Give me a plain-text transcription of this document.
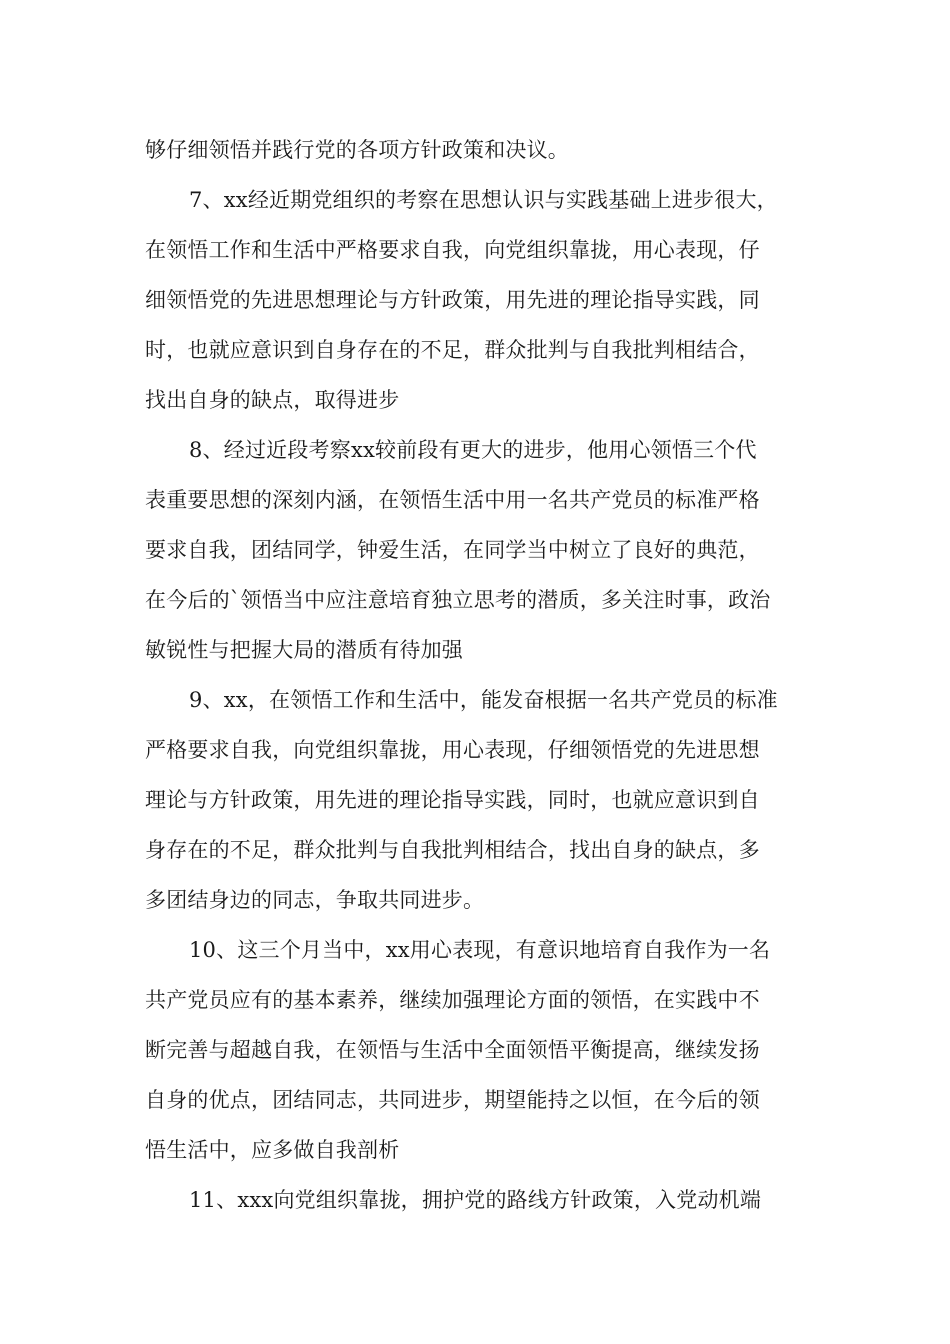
够仔细领悟并践行党的各项方针政策和决议。
7、xx经近期党组织的考察在思想认识与实践基础上进步很大，
在领悟工作和生活中严格要求自我，向党组织靠拢，用心表现，仔
细领悟党的先进思想理论与方针政策，用先进的理论指导实践，同
时，也就应意识到自身存在的不足，群众批判与自我批判相结合，
找出自身的缺点，取得进步
8、经过近段考察xx较前段有更大的进步，他用心领悟三个代
表重要思想的深刻内涵，在领悟生活中用一名共产党员的标准严格
要求自我，团结同学，钟爱生活，在同学当中树立了良好的典范，
在今后的`领悟当中应注意培育独立思考的潜质，多关注时事，政治
敏锐性与把握大局的潜质有待加强
9、xx，在领悟工作和生活中，能发奋根据一名共产党员的标准
严格要求自我，向党组织靠拢，用心表现，仔细领悟党的先进思想
理论与方针政策，用先进的理论指导实践，同时，也就应意识到自
身存在的不足，群众批判与自我批判相结合，找出自身的缺点，多
多团结身边的同志，争取共同进步。
10、这三个月当中，xx用心表现，有意识地培育自我作为一名
共产党员应有的基本素养，继续加强理论方面的领悟，在实践中不
断完善与超越自我，在领悟与生活中全面领悟平衡提高，继续发扬
自身的优点，团结同志，共同进步，期望能持之以恒，在今后的领
悟生活中，应多做自我剖析
11、xxx向党组织靠拢，拥护党的路线方针政策，入党动机端
